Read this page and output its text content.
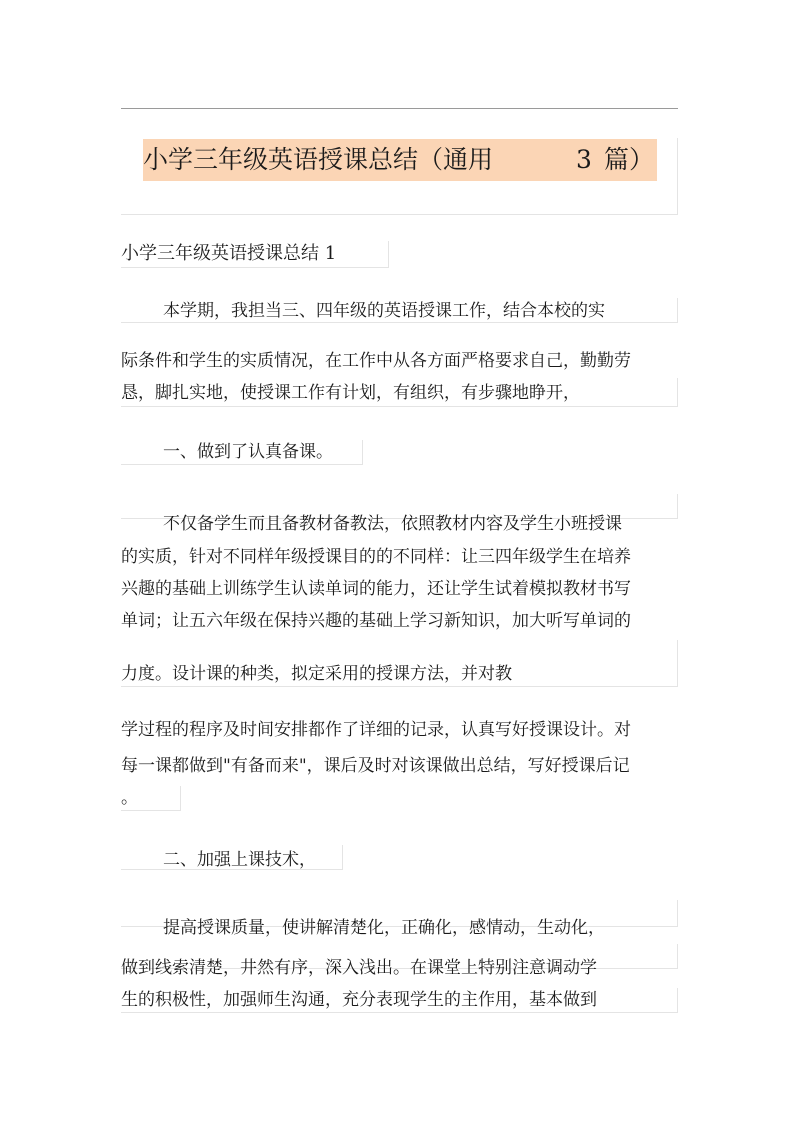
小学三年级英语授课总结（通用	3 篇）
小学三年级英语授课总结 1
本学期，我担当三、四年级的英语授课工作，结合本校的实
际条件和学生的实质情况，在工作中从各方面严格要求自己，勤勤劳
恳，脚扎实地，使授课工作有计划，有组织，有步骤地睁开，
一、做到了认真备课。
不仅备学生而且备教材备教法，依照教材内容及学生小班授课
的实质，针对不同样年级授课目的的不同样：让三四年级学生在培养
兴趣的基础上训练学生认读单词的能力，还让学生试着模拟教材书写
单词；让五六年级在保持兴趣的基础上学习新知识，加大听写单词的
力度。设计课的种类，拟定采用的授课方法，并对教
学过程的程序及时间安排都作了详细的记录，认真写好授课设计。对
每一课都做到"有备而来"，课后及时对该课做出总结，写好授课后记
。
二、加强上课技术，
提高授课质量，使讲解清楚化，正确化，感情动，生动化，
做到线索清楚，井然有序，深入浅出。在课堂上特别注意调动学
生的积极性，加强师生沟通，充分表现学生的主作用，基本做到
